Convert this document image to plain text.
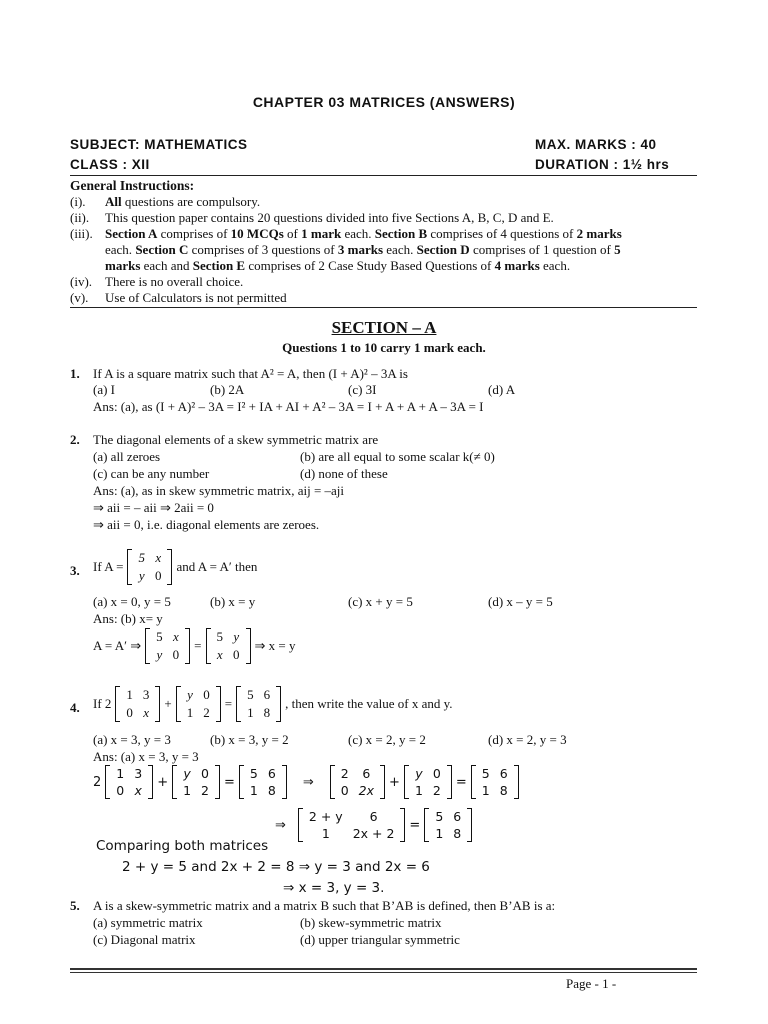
CHAPTER 03 MATRICES (ANSWERS)
SUBJECT: MATHEMATICS	MAX. MARKS : 40
CLASS : XII	DURATION : 1½ hrs
General Instructions:
(i). All questions are compulsory.
(ii). This question paper contains 20 questions divided into five Sections A, B, C, D and E.
(iii). Section A comprises of 10 MCQs of 1 mark each. Section B comprises of 4 questions of 2 marks
each. Section C comprises of 3 questions of 3 marks each. Section D comprises of 1 question of 5
marks each and Section E comprises of 2 Case Study Based Questions of 4 marks each.
(iv). There is no overall choice.
(v). Use of Calculators is not permitted
SECTION – A
Questions 1 to 10 carry 1 mark each.
1. If A is a square matrix such that A² = A, then (I + A)² – 3A is
(a) I	(b) 2A	(c) 3I	(d) A
Ans: (a), as (I + A)² – 3A = I² + IA + AI + A² – 3A = I + A + A + A – 3A = I
2. The diagonal elements of a skew symmetric matrix are
(a) all zeroes	(b) are all equal to some scalar k(≠ 0)
(c) can be any number	(d) none of these
Ans: (a), as in skew symmetric matrix, aij = –aji
⇒ aii = – aii ⇒ 2aii = 0
⇒ aii = 0, i.e. diagonal elements are zeroes.
3. If A =
5	x
y	0
and A = A′ then
(a) x = 0, y = 5	(b) x = y	(c) x + y = 5	(d) x – y = 5
Ans: (b) x= y
A = A′ ⇒
5	x
y	0
=
5	y
x	0
⇒ x = y
4. If 2
1	3
0	x
+
y	0
1	2
=
5	6
1	8
, then write the value of x and y.
(a) x = 3, y = 3	(b) x = 3, y = 2	(c) x = 2, y = 2	(d) x = 2, y = 3
Ans: (a) x = 3, y = 3
2
1	3
0	x
+
y	0
1	2
=
5	6
1	8
⇒
2	6
0	2x
+
y	0
1	2
=
5	6
1	8
⇒
2 + y	6
1	2x + 2
=
5	6
1	8
Comparing both matrices
2 + y = 5 and 2x + 2 = 8 ⇒ y = 3 and 2x = 6
⇒ x = 3, y = 3.
5. A is a skew-symmetric matrix and a matrix B such that B’AB is defined, then B’AB is a:
(a) symmetric matrix	(b) skew-symmetric matrix
(c) Diagonal matrix	(d) upper triangular symmetric
Page - 1 -
